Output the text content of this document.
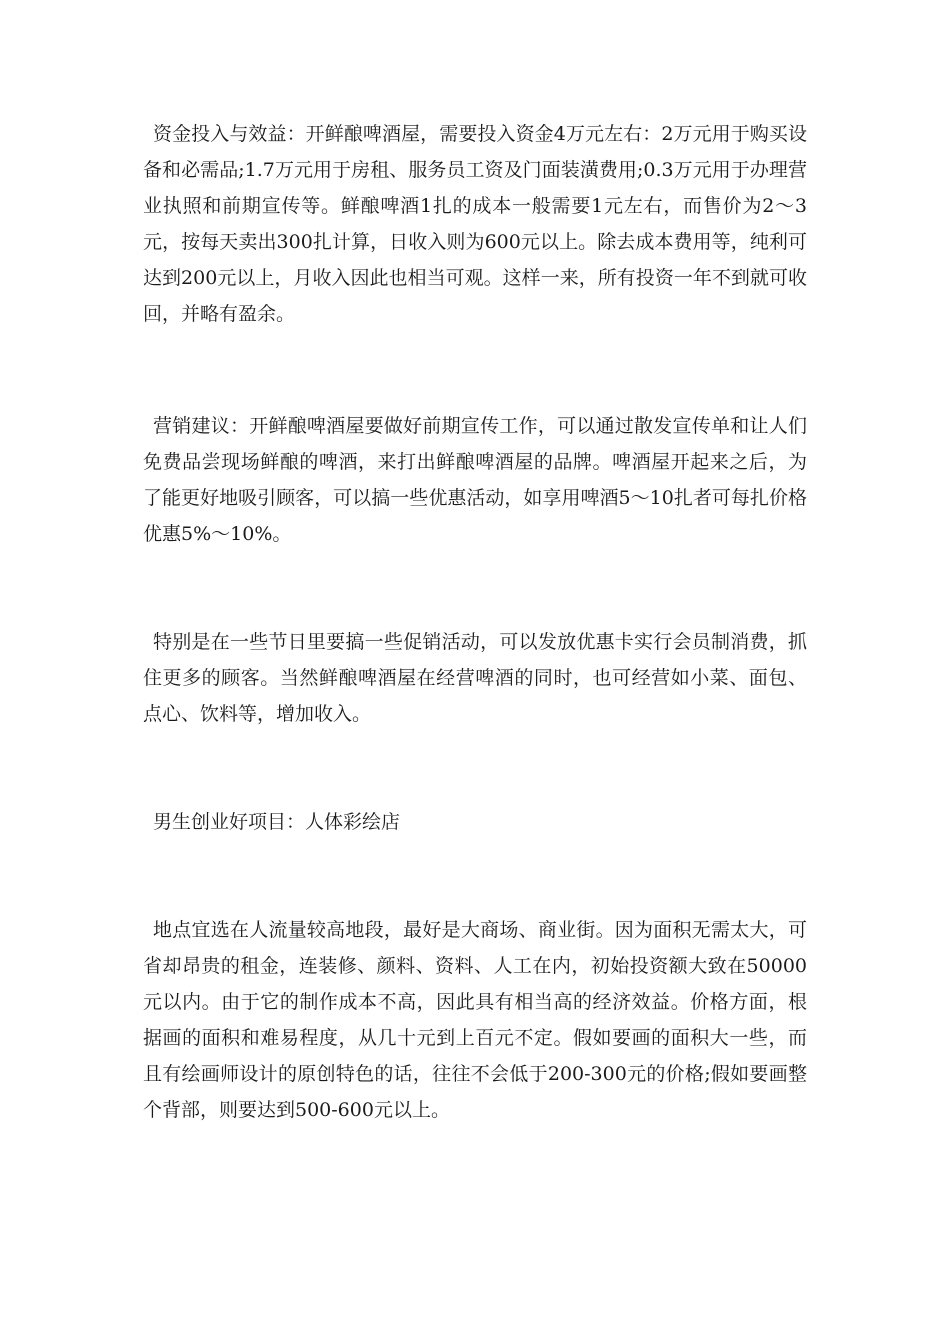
资金投入与效益：开鲜酿啤酒屋，需要投入资金4万元左右：2万元用于购买设备和必需品;1.7万元用于房租、服务员工资及门面装潢费用;0.3万元用于办理营业执照和前期宣传等。鲜酿啤酒1扎的成本一般需要1元左右，而售价为2～3元，按每天卖出300扎计算，日收入则为600元以上。除去成本费用等，纯利可达到200元以上，月收入因此也相当可观。这样一来，所有投资一年不到就可收回，并略有盈余。

营销建议：开鲜酿啤酒屋要做好前期宣传工作，可以通过散发宣传单和让人们免费品尝现场鲜酿的啤酒，来打出鲜酿啤酒屋的品牌。啤酒屋开起来之后，为了能更好地吸引顾客，可以搞一些优惠活动，如享用啤酒5～10扎者可每扎价格优惠5%～10%。

特别是在一些节日里要搞一些促销活动，可以发放优惠卡实行会员制消费，抓住更多的顾客。当然鲜酿啤酒屋在经营啤酒的同时，也可经营如小菜、面包、点心、饮料等，增加收入。

男生创业好项目：人体彩绘店

地点宜选在人流量较高地段，最好是大商场、商业街。因为面积无需太大，可省却昂贵的租金，连装修、颜料、资料、人工在内，初始投资额大致在50000元以内。由于它的制作成本不高，因此具有相当高的经济效益。价格方面，根据画的面积和难易程度，从几十元到上百元不定。假如要画的面积大一些，而且有绘画师设计的原创特色的话，往往不会低于200-300元的价格;假如要画整个背部，则要达到500-600元以上。
